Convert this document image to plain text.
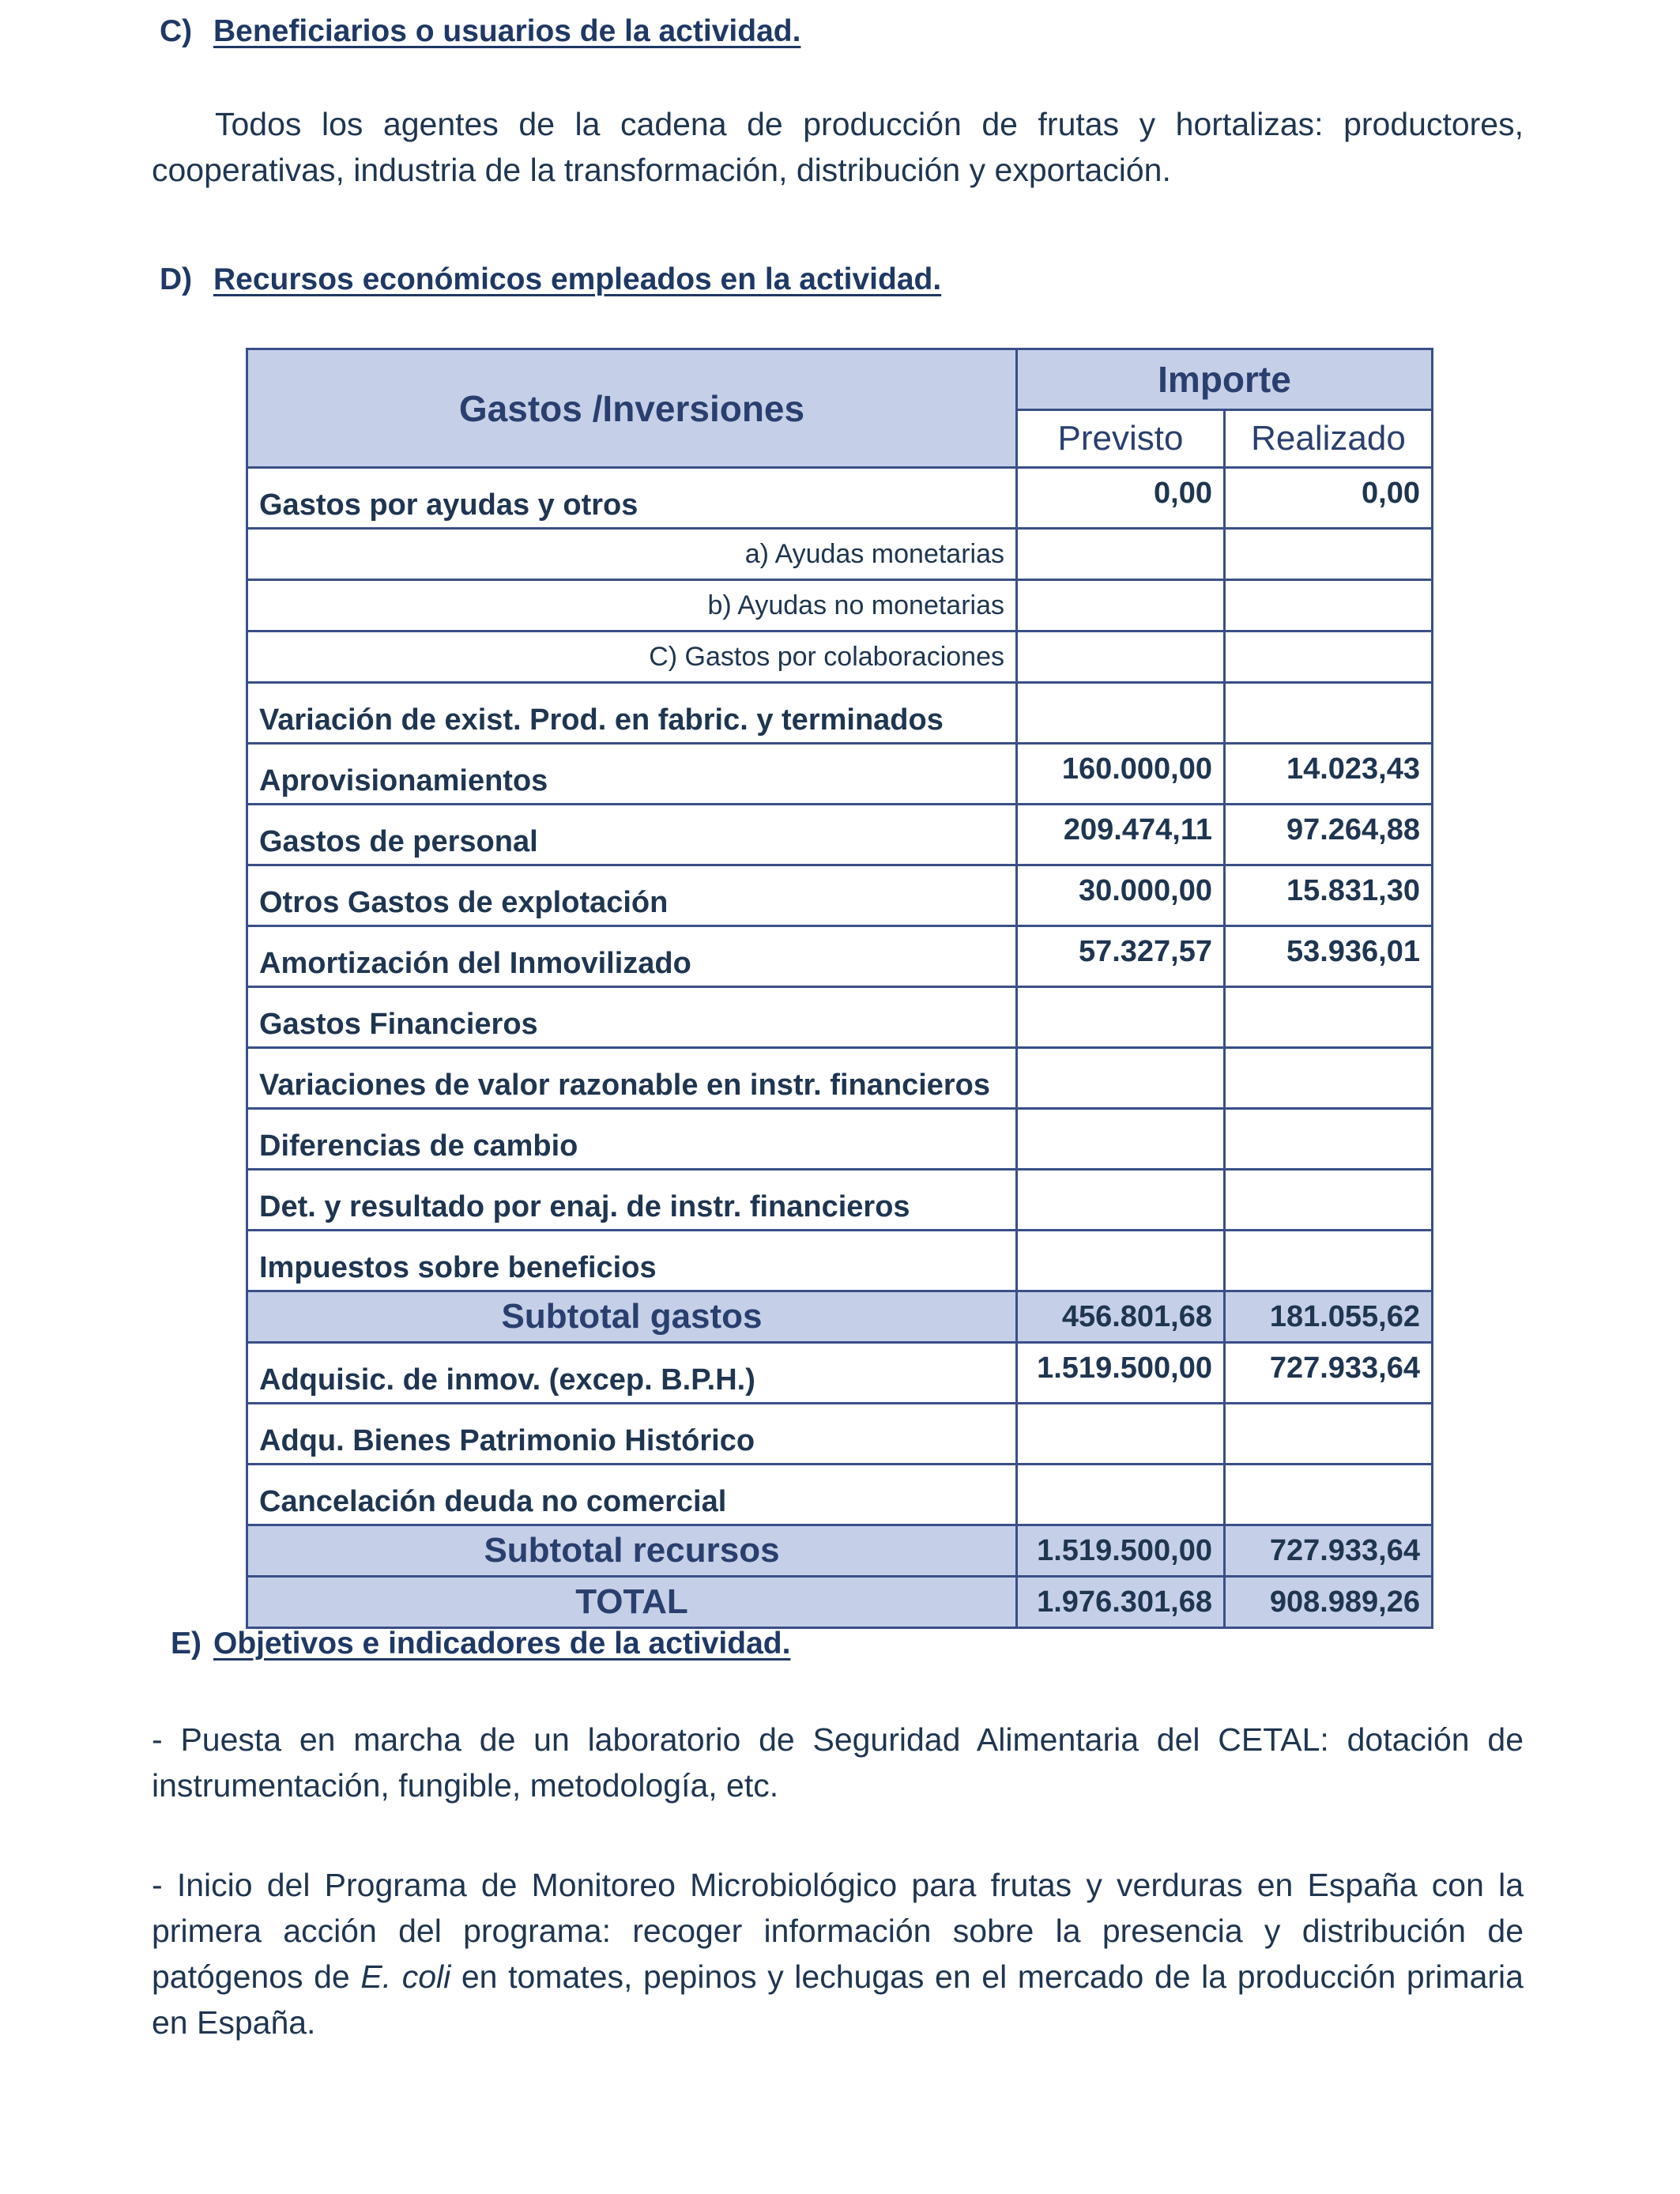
C) Beneficiarios o usuarios de la actividad.

Todos los agentes de la cadena de producción de frutas y hortalizas: productores, cooperativas, industria de la transformación, distribución y exportación.

D) Recursos económicos empleados en la actividad.
Gastos /Inversiones	Importe	
	Previsto	Realizado
Gastos por ayudas y otros	0,00	0,00
a) Ayudas monetarias		
b) Ayudas no monetarias		
C) Gastos por colaboraciones		
Variación de exist. Prod. en fabric. y terminados		
Aprovisionamientos	160.000,00	14.023,43
Gastos de personal	209.474,11	97.264,88
Otros Gastos de explotación	30.000,00	15.831,30
Amortización del Inmovilizado	57.327,57	53.936,01
Gastos Financieros		
Variaciones de valor razonable en instr. financieros		
Diferencias de cambio		
Det. y resultado por enaj. de instr. financieros		
Impuestos sobre beneficios		
Subtotal gastos	456.801,68	181.055,62
Adquisic. de inmov. (excep. B.P.H.)	1.519.500,00	727.933,64
Adqu. Bienes Patrimonio Histórico		
Cancelación deuda no comercial		
Subtotal recursos	1.519.500,00	727.933,64
TOTAL	1.976.301,68	908.989,26
E) Objetivos e indicadores de la actividad.

- Puesta en marcha de un laboratorio de Seguridad Alimentaria del CETAL: dotación de instrumentación, fungible, metodología, etc.

- Inicio del Programa de Monitoreo Microbiológico para frutas y verduras en España con la primera acción del programa: recoger información sobre la presencia y distribución de patógenos de E. coli en tomates, pepinos y lechugas en el mercado de la producción primaria en España.
